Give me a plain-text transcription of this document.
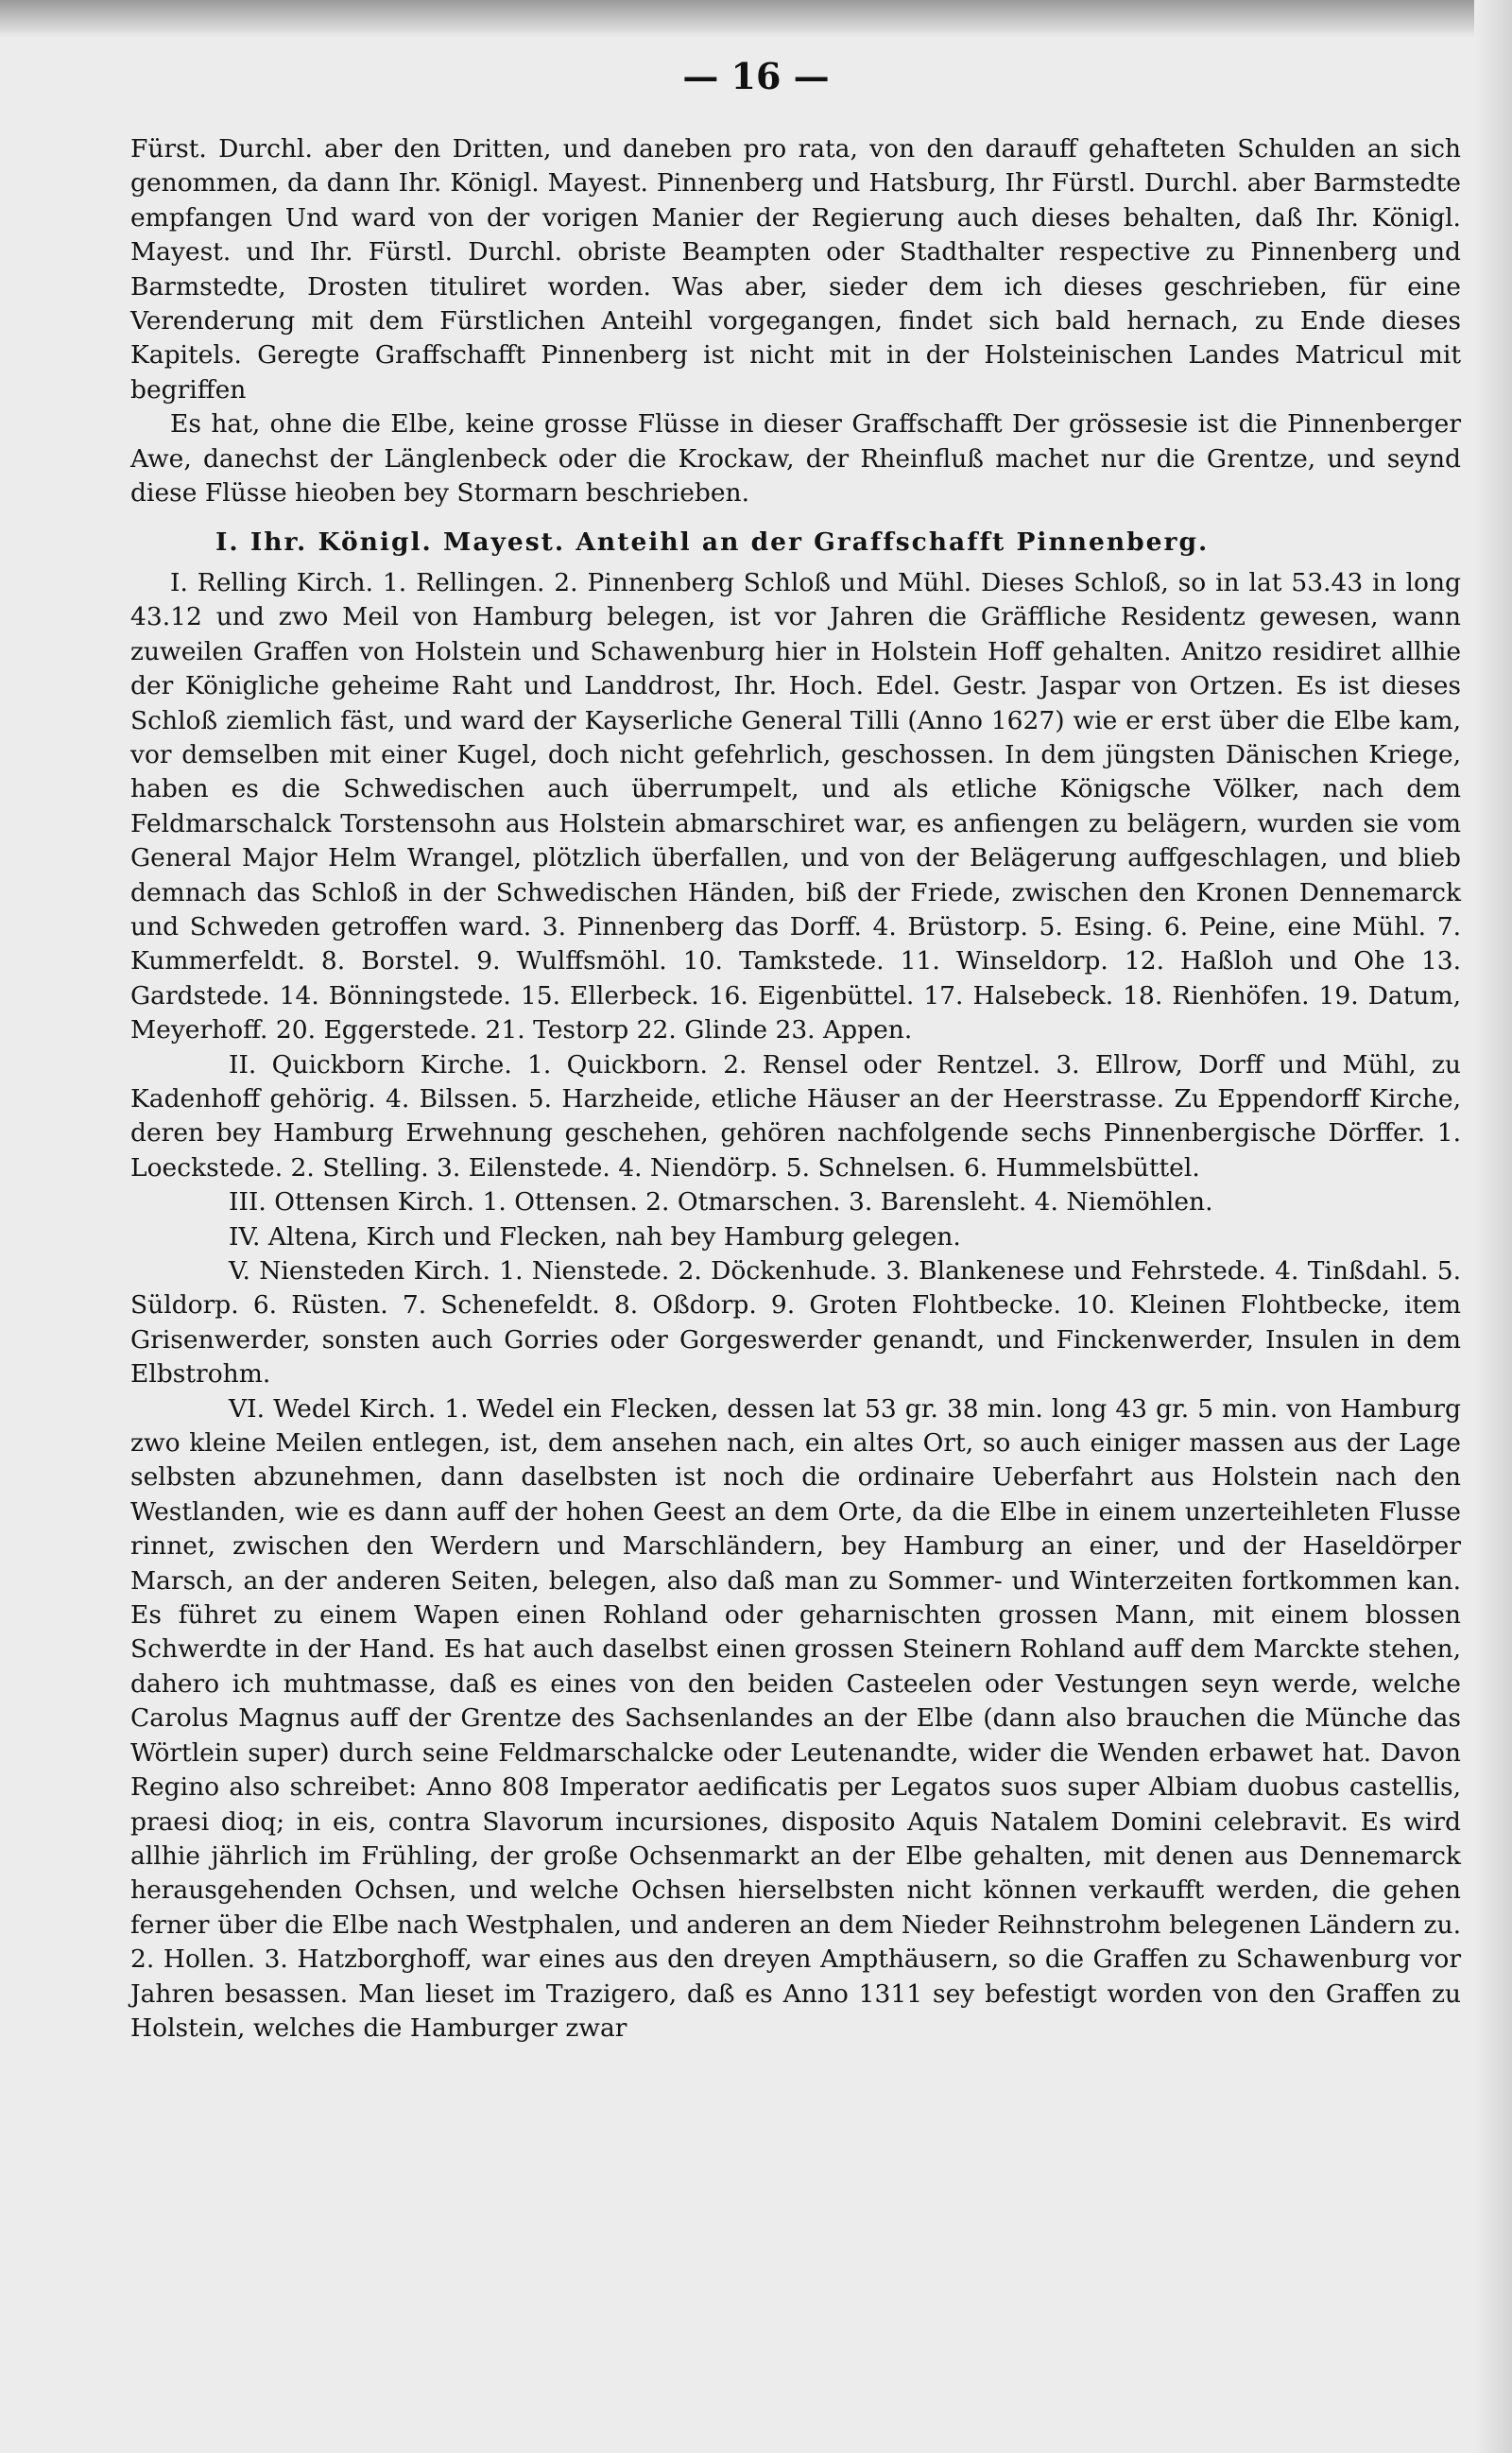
— 16 —

Fürst. Durchl. aber den Dritten, und daneben pro rata, von den darauff gehafteten Schulden an sich genommen, da dann Ihr. Königl. Mayest. Pinnenberg und Hatsburg, Ihr Fürstl. Durchl. aber Barmstedte empfangen Und ward von der vorigen Manier der Regierung auch dieses behalten, daß Ihr. Königl. Mayest. und Ihr. Fürstl. Durchl. obriste Beampten oder Stadthalter respective zu Pinnenberg und Barmstedte, Drosten tituliret worden. Was aber, sieder dem ich dieses geschrieben, für eine Verenderung mit dem Fürstlichen Anteihl vorgegangen, findet sich bald hernach, zu Ende dieses Kapitels. Geregte Graffschafft Pinnenberg ist nicht mit in der Holsteinischen Landes Matricul mit begriffen

Es hat, ohne die Elbe, keine grosse Flüsse in dieser Graffschafft Der grössesie ist die Pinnenberger Awe, danechst der Länglenbeck oder die Krockaw, der Rheinfluß machet nur die Grentze, und seynd diese Flüsse hieoben bey Stormarn beschrieben.

I. Ihr. Königl. Mayest. Anteihl an der Graffschafft Pinnenberg.

I. Relling Kirch. 1. Rellingen. 2. Pinnenberg Schloß und Mühl. Dieses Schloß, so in lat 53.43 in long 43.12 und zwo Meil von Hamburg belegen, ist vor Jahren die Gräffliche Residentz gewesen, wann zuweilen Graffen von Holstein und Schawenburg hier in Holstein Hoff gehalten. Anitzo residiret allhie der Königliche geheime Raht und Landdrost, Ihr. Hoch. Edel. Gestr. Jaspar von Ortzen. Es ist dieses Schloß ziemlich fäst, und ward der Kayserliche General Tilli (Anno 1627) wie er erst über die Elbe kam, vor demselben mit einer Kugel, doch nicht gefehrlich, geschossen. In dem jüngsten Dänischen Kriege, haben es die Schwedischen auch überrumpelt, und als etliche Königsche Völker, nach dem Feldmarschalck Torstensohn aus Holstein abmarschiret war, es anfiengen zu belägern, wurden sie vom General Major Helm Wrangel, plötzlich überfallen, und von der Belägerung auffgeschlagen, und blieb demnach das Schloß in der Schwedischen Händen, biß der Friede, zwischen den Kronen Dennemarck und Schweden getroffen ward. 3. Pinnenberg das Dorff. 4. Brüstorp. 5. Esing. 6. Peine, eine Mühl. 7. Kummerfeldt. 8. Borstel. 9. Wulffsmöhl. 10. Tamkstede. 11. Winseldorp. 12. Haßloh und Ohe 13. Gardstede. 14. Bönningstede. 15. Ellerbeck. 16. Eigenbüttel. 17. Halsebeck. 18. Rienhöfen. 19. Datum, Meyerhoff. 20. Eggerstede. 21. Testorp 22. Glinde 23. Appen.

II. Quickborn Kirche. 1. Quickborn. 2. Rensel oder Rentzel. 3. Ellrow, Dorff und Mühl, zu Kadenhoff gehörig. 4. Bilssen. 5. Harzheide, etliche Häuser an der Heerstrasse. Zu Eppendorff Kirche, deren bey Hamburg Erwehnung geschehen, gehören nachfolgende sechs Pinnenbergische Dörffer. 1. Loeckstede. 2. Stelling. 3. Eilenstede. 4. Niendörp. 5. Schnelsen. 6. Hummelsbüttel.

III. Ottensen Kirch. 1. Ottensen. 2. Otmarschen. 3. Barensleht. 4. Niemöhlen.

IV. Altena, Kirch und Flecken, nah bey Hamburg gelegen.

V. Niensteden Kirch. 1. Nienstede. 2. Döckenhude. 3. Blankenese und Fehrstede. 4. Tinßdahl. 5. Süldorp. 6. Rüsten. 7. Schenefeldt. 8. Oßdorp. 9. Groten Flohtbecke. 10. Kleinen Flohtbecke, item Grisenwerder, sonsten auch Gorries oder Gorgeswerder genandt, und Finckenwerder, Insulen in dem Elbstrohm.

VI. Wedel Kirch. 1. Wedel ein Flecken, dessen lat 53 gr. 38 min. long 43 gr. 5 min. von Hamburg zwo kleine Meilen entlegen, ist, dem ansehen nach, ein altes Ort, so auch einiger massen aus der Lage selbsten abzunehmen, dann daselbsten ist noch die ordinaire Ueberfahrt aus Holstein nach den Westlanden, wie es dann auff der hohen Geest an dem Orte, da die Elbe in einem unzerteihleten Flusse rinnet, zwischen den Werdern und Marschländern, bey Hamburg an einer, und der Haseldörper Marsch, an der anderen Seiten, belegen, also daß man zu Sommer- und Winterzeiten fortkommen kan. Es führet zu einem Wapen einen Rohland oder geharnischten grossen Mann, mit einem blossen Schwerdte in der Hand. Es hat auch daselbst einen grossen Steinern Rohland auff dem Marckte stehen, dahero ich muhtmasse, daß es eines von den beiden Casteelen oder Vestungen seyn werde, welche Carolus Magnus auff der Grentze des Sachsenlandes an der Elbe (dann also brauchen die Münche das Wörtlein super) durch seine Feldmarschalcke oder Leutenandte, wider die Wenden erbawet hat. Davon Regino also schreibet: Anno 808 Imperator aedificatis per Legatos suos super Albiam duobus castellis, praesi dioq; in eis, contra Slavorum incursiones, disposito Aquis Natalem Domini celebravit. Es wird allhie jährlich im Frühling, der große Ochsenmarkt an der Elbe gehalten, mit denen aus Dennemarck herausgehenden Ochsen, und welche Ochsen hierselbsten nicht können verkaufft werden, die gehen ferner über die Elbe nach Westphalen, und anderen an dem Nieder Reihnstrohm belegenen Ländern zu. 2. Hollen. 3. Hatzborghoff, war eines aus den dreyen Ampthäusern, so die Graffen zu Schawenburg vor Jahren besassen. Man lieset im Trazigero, daß es Anno 1311 sey befestigt worden von den Graffen zu Holstein, welches die Hamburger zwar
